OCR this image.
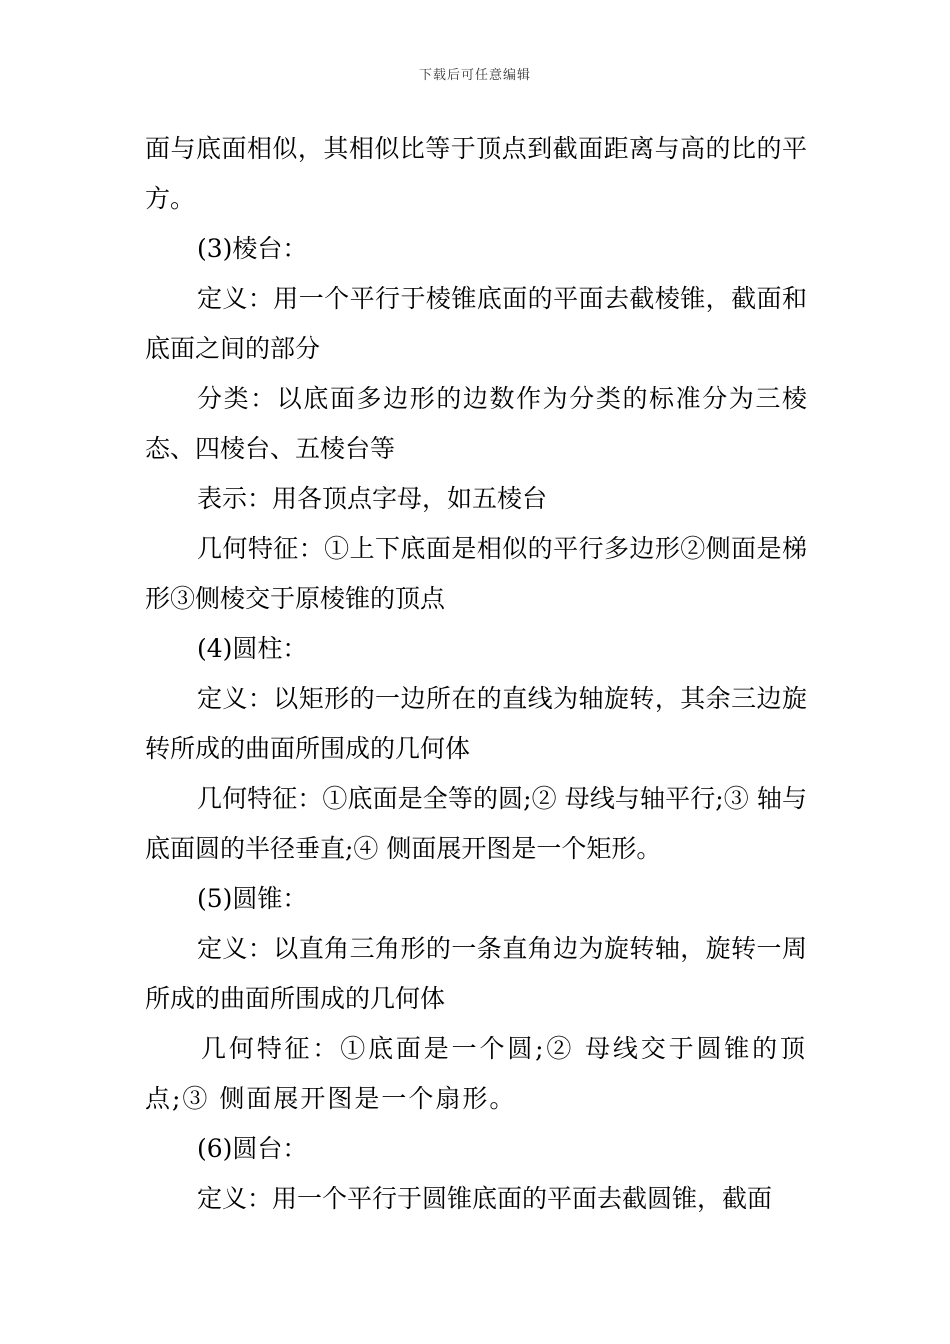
下载后可任意编辑

面与底面相似，其相似比等于顶点到截面距离与高的比的平方。

(3)棱台：

定义：用一个平行于棱锥底面的平面去截棱锥，截面和底面之间的部分

分类：以底面多边形的边数作为分类的标准分为三棱态、四棱台、五棱台等

表示：用各顶点字母，如五棱台

几何特征：①上下底面是相似的平行多边形②侧面是梯形③侧棱交于原棱锥的顶点

(4)圆柱：

定义：以矩形的一边所在的直线为轴旋转，其余三边旋转所成的曲面所围成的几何体

几何特征：①底面是全等的圆;② 母线与轴平行;③ 轴与底面圆的半径垂直;④ 侧面展开图是一个矩形。

(5)圆锥：

定义：以直角三角形的一条直角边为旋转轴，旋转一周所成的曲面所围成的几何体

几何特征：①底面是一个圆;② 母线交于圆锥的顶点;③ 侧面展开图是一个扇形。

(6)圆台：

定义：用一个平行于圆锥底面的平面去截圆锥，截面
